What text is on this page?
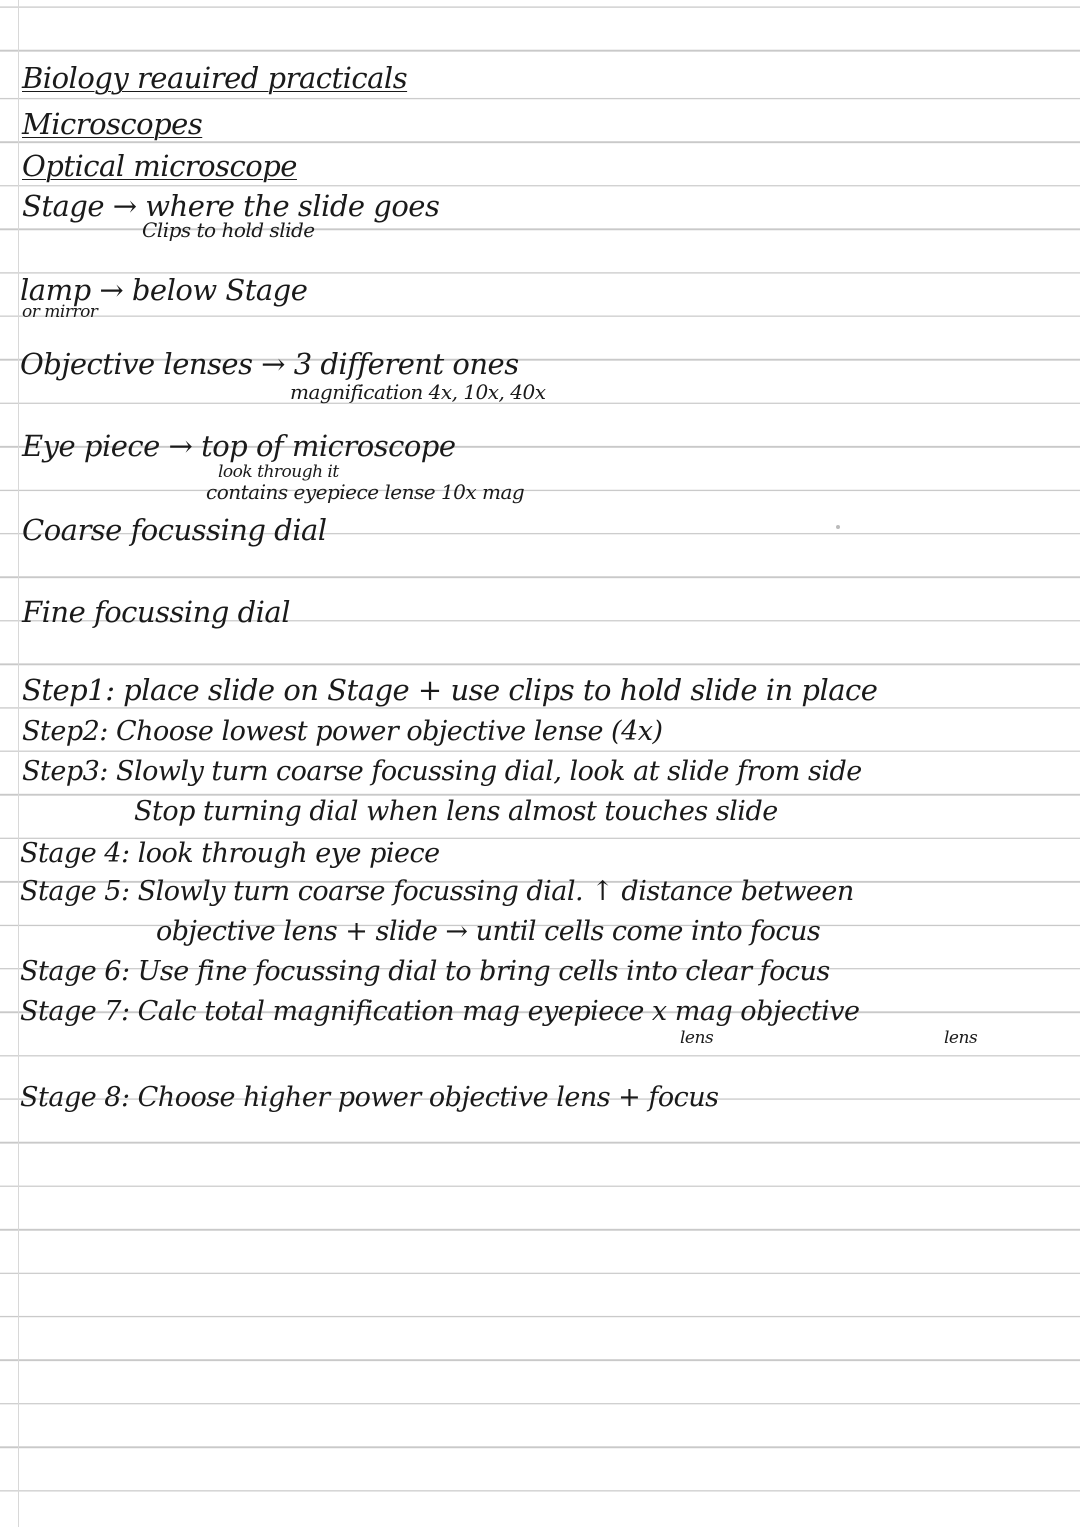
Biology reauired practicals
Microscopes
Optical microscope
Stage → where the slide goes
Clips to hold slide
lamp → below Stage
or mirror
Objective lenses → 3 different ones
magnification 4x, 10x, 40x
Eye piece → top of microscope
look through it
contains eyepiece lense 10x mag
Coarse focussing dial
Fine focussing dial
Step1: place slide on Stage + use clips to hold slide in place
Step2: Choose lowest power objective lense (4x)
Step3: Slowly turn coarse focussing dial, look at slide from side
Stop turning dial when lens almost touches slide
Stage 4: look through eye piece
Stage 5: Slowly turn coarse focussing dial. ↑ distance between
objective lens + slide → until cells come into focus
Stage 6: Use fine focussing dial to bring cells into clear focus
Stage 7: Calc total magnification mag eyepiece x mag objective
lens	lens
Stage 8: Choose higher power objective lens + focus
